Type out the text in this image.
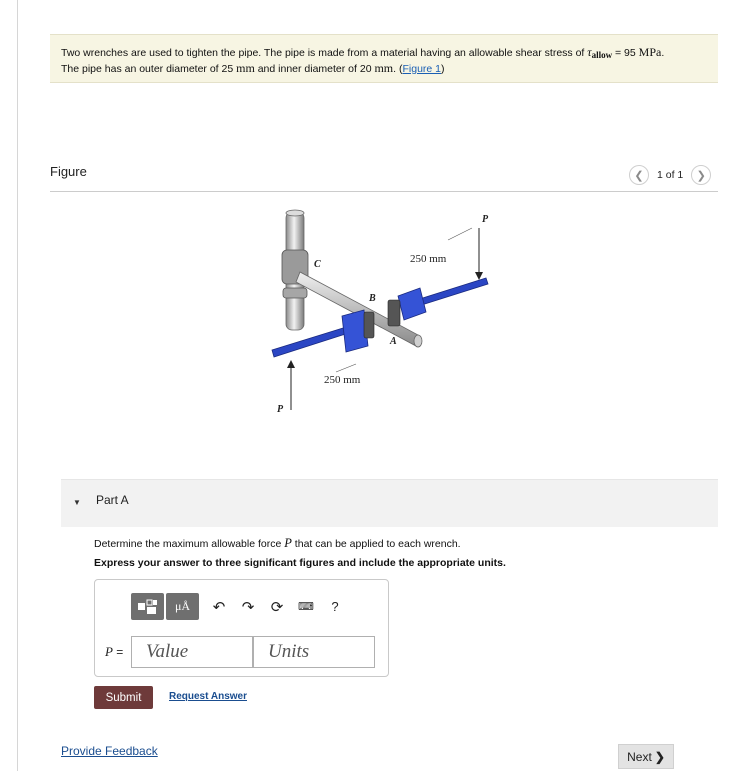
Two wrenches are used to tighten the pipe. The pipe is made from a material having an allowable shear stress of τallow = 95 MPa.
The pipe has an outer diameter of 25 mm and inner diameter of 20 mm. (Figure 1)
Figure	❮	1 of 1	❯
250 mm
250 mm
P
P
C
B
A
▼ Part A
Determine the maximum allowable force P that can be applied to each wrench.
Express your answer to three significant figures and include the appropriate units.
μÅ	↶	↷	⟳	⌨	?
P =
Value
Units
Submit	Request Answer
Provide Feedback	Next ❯
